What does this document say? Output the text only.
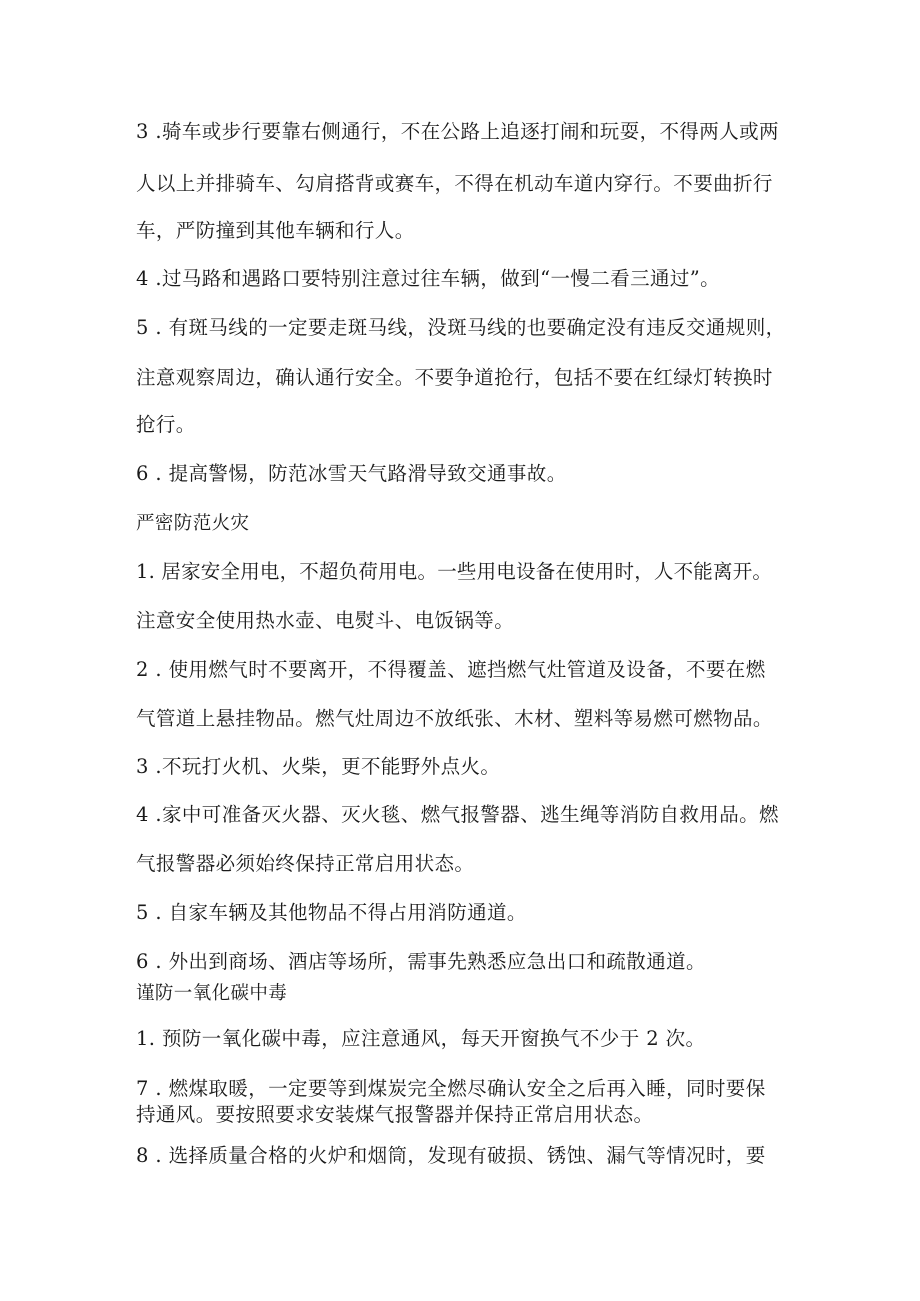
3 .骑车或步行要靠右侧通行，不在公路上追逐打闹和玩耍，不得两人或两

人以上并排骑车、勾肩搭背或赛车，不得在机动车道内穿行。不要曲折行

车，严防撞到其他车辆和行人。

4 .过马路和遇路口要特别注意过往车辆，做到“一慢二看三通过”。

5 . 有斑马线的一定要走斑马线，没斑马线的也要确定没有违反交通规则，

注意观察周边，确认通行安全。不要争道抢行，包括不要在红绿灯转换时

抢行。

6 . 提高警惕，防范冰雪天气路滑导致交通事故。

严密防范火灾

1. 居家安全用电，不超负荷用电。一些用电设备在使用时，人不能离开。

注意安全使用热水壶、电熨斗、电饭锅等。

2 . 使用燃气时不要离开，不得覆盖、遮挡燃气灶管道及设备，不要在燃

气管道上悬挂物品。燃气灶周边不放纸张、木材、塑料等易燃可燃物品。

3 .不玩打火机、火柴，更不能野外点火。

4 .家中可准备灭火器、灭火毯、燃气报警器、逃生绳等消防自救用品。燃

气报警器必须始终保持正常启用状态。

5 . 自家车辆及其他物品不得占用消防通道。

6 . 外出到商场、酒店等场所，需事先熟悉应急出口和疏散通道。

谨防一氧化碳中毒

1. 预防一氧化碳中毒，应注意通风，每天开窗换气不少于 2 次。

7 . 燃煤取暖，一定要等到煤炭完全燃尽确认安全之后再入睡，同时要保

持通风。要按照要求安装煤气报警器并保持正常启用状态。

8 . 选择质量合格的火炉和烟筒，发现有破损、锈蚀、漏气等情况时，要
